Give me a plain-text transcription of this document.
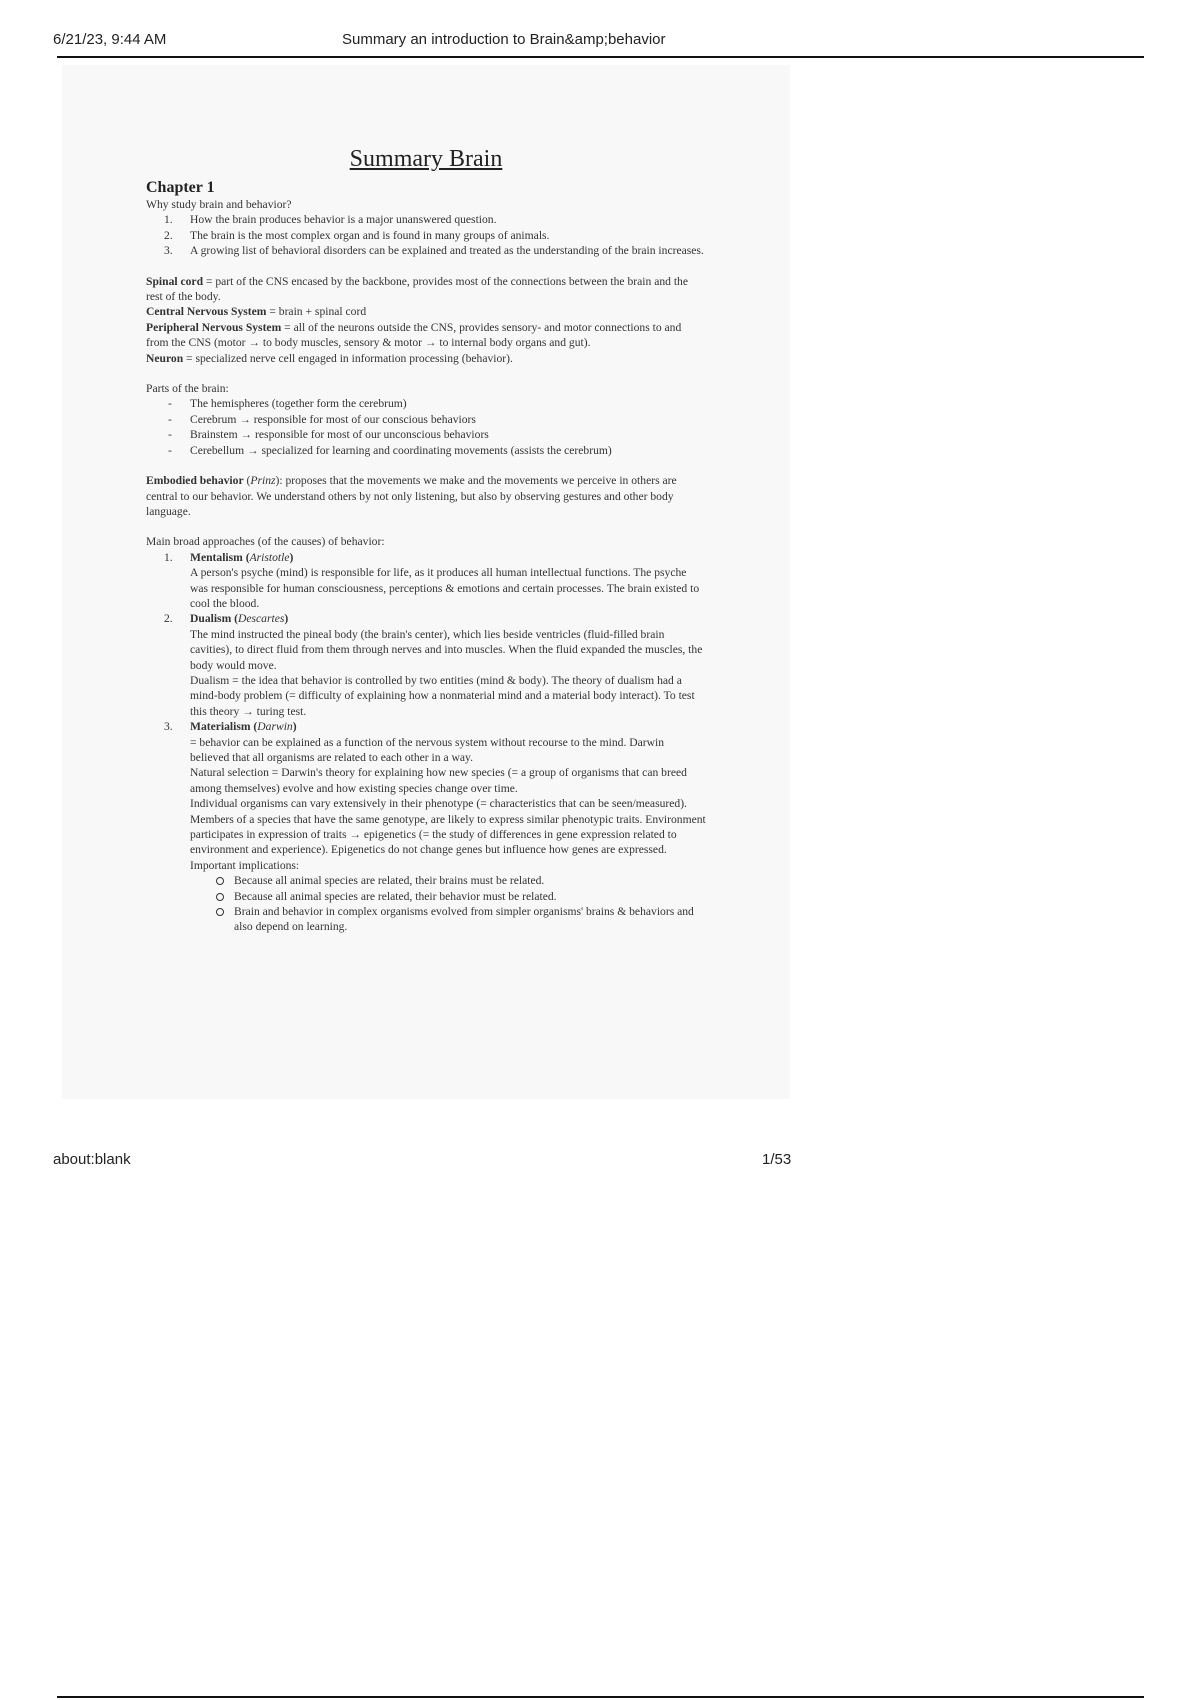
6/21/23, 9:44 AM	Summary an introduction to Brain&amp;behavior
Summary Brain
Chapter 1

Why study brain and behavior?

1. How the brain produces behavior is a major unanswered question.
2. The brain is the most complex organ and is found in many groups of animals.
3. A growing list of behavioral disorders can be explained and treated as the understanding of the brain increases.

Spinal cord = part of the CNS encased by the backbone, provides most of the connections between the brain and the rest of the body.

Central Nervous System = brain + spinal cord

Peripheral Nervous System = all of the neurons outside the CNS, provides sensory- and motor connections to and from the CNS (motor → to body muscles, sensory & motor → to internal body organs and gut).

Neuron = specialized nerve cell engaged in information processing (behavior).

Parts of the brain:

- The hemispheres (together form the cerebrum)
- Cerebrum → responsible for most of our conscious behaviors
- Brainstem → responsible for most of our unconscious behaviors
- Cerebellum → specialized for learning and coordinating movements (assists the cerebrum)

Embodied behavior (Prinz): proposes that the movements we make and the movements we perceive in others are central to our behavior. We understand others by not only listening, but also by observing gestures and other body language.

Main broad approaches (of the causes) of behavior:

1. Mentalism (Aristotle)
A person's psyche (mind) is responsible for life, as it produces all human intellectual functions. The psyche was responsible for human consciousness, perceptions & emotions and certain processes. The brain existed to cool the blood.
2. Dualism (Descartes)
The mind instructed the pineal body (the brain's center), which lies beside ventricles (fluid-filled brain cavities), to direct fluid from them through nerves and into muscles. When the fluid expanded the muscles, the body would move.
Dualism = the idea that behavior is controlled by two entities (mind & body). The theory of dualism had a mind-body problem (= difficulty of explaining how a nonmaterial mind and a material body interact). To test this theory → turing test.
3. Materialism (Darwin)
= behavior can be explained as a function of the nervous system without recourse to the mind. Darwin believed that all organisms are related to each other in a way.
Natural selection = Darwin's theory for explaining how new species (= a group of organisms that can breed among themselves) evolve and how existing species change over time.
Individual organisms can vary extensively in their phenotype (= characteristics that can be seen/measured). Members of a species that have the same genotype, are likely to express similar phenotypic traits. Environment participates in expression of traits → epigenetics (= the study of differences in gene expression related to environment and experience). Epigenetics do not change genes but influence how genes are expressed.
Important implications:
Because all animal species are related, their brains must be related.
Because all animal species are related, their behavior must be related.
Brain and behavior in complex organisms evolved from simpler organisms' brains & behaviors and also depend on learning.
about:blank	1/53
